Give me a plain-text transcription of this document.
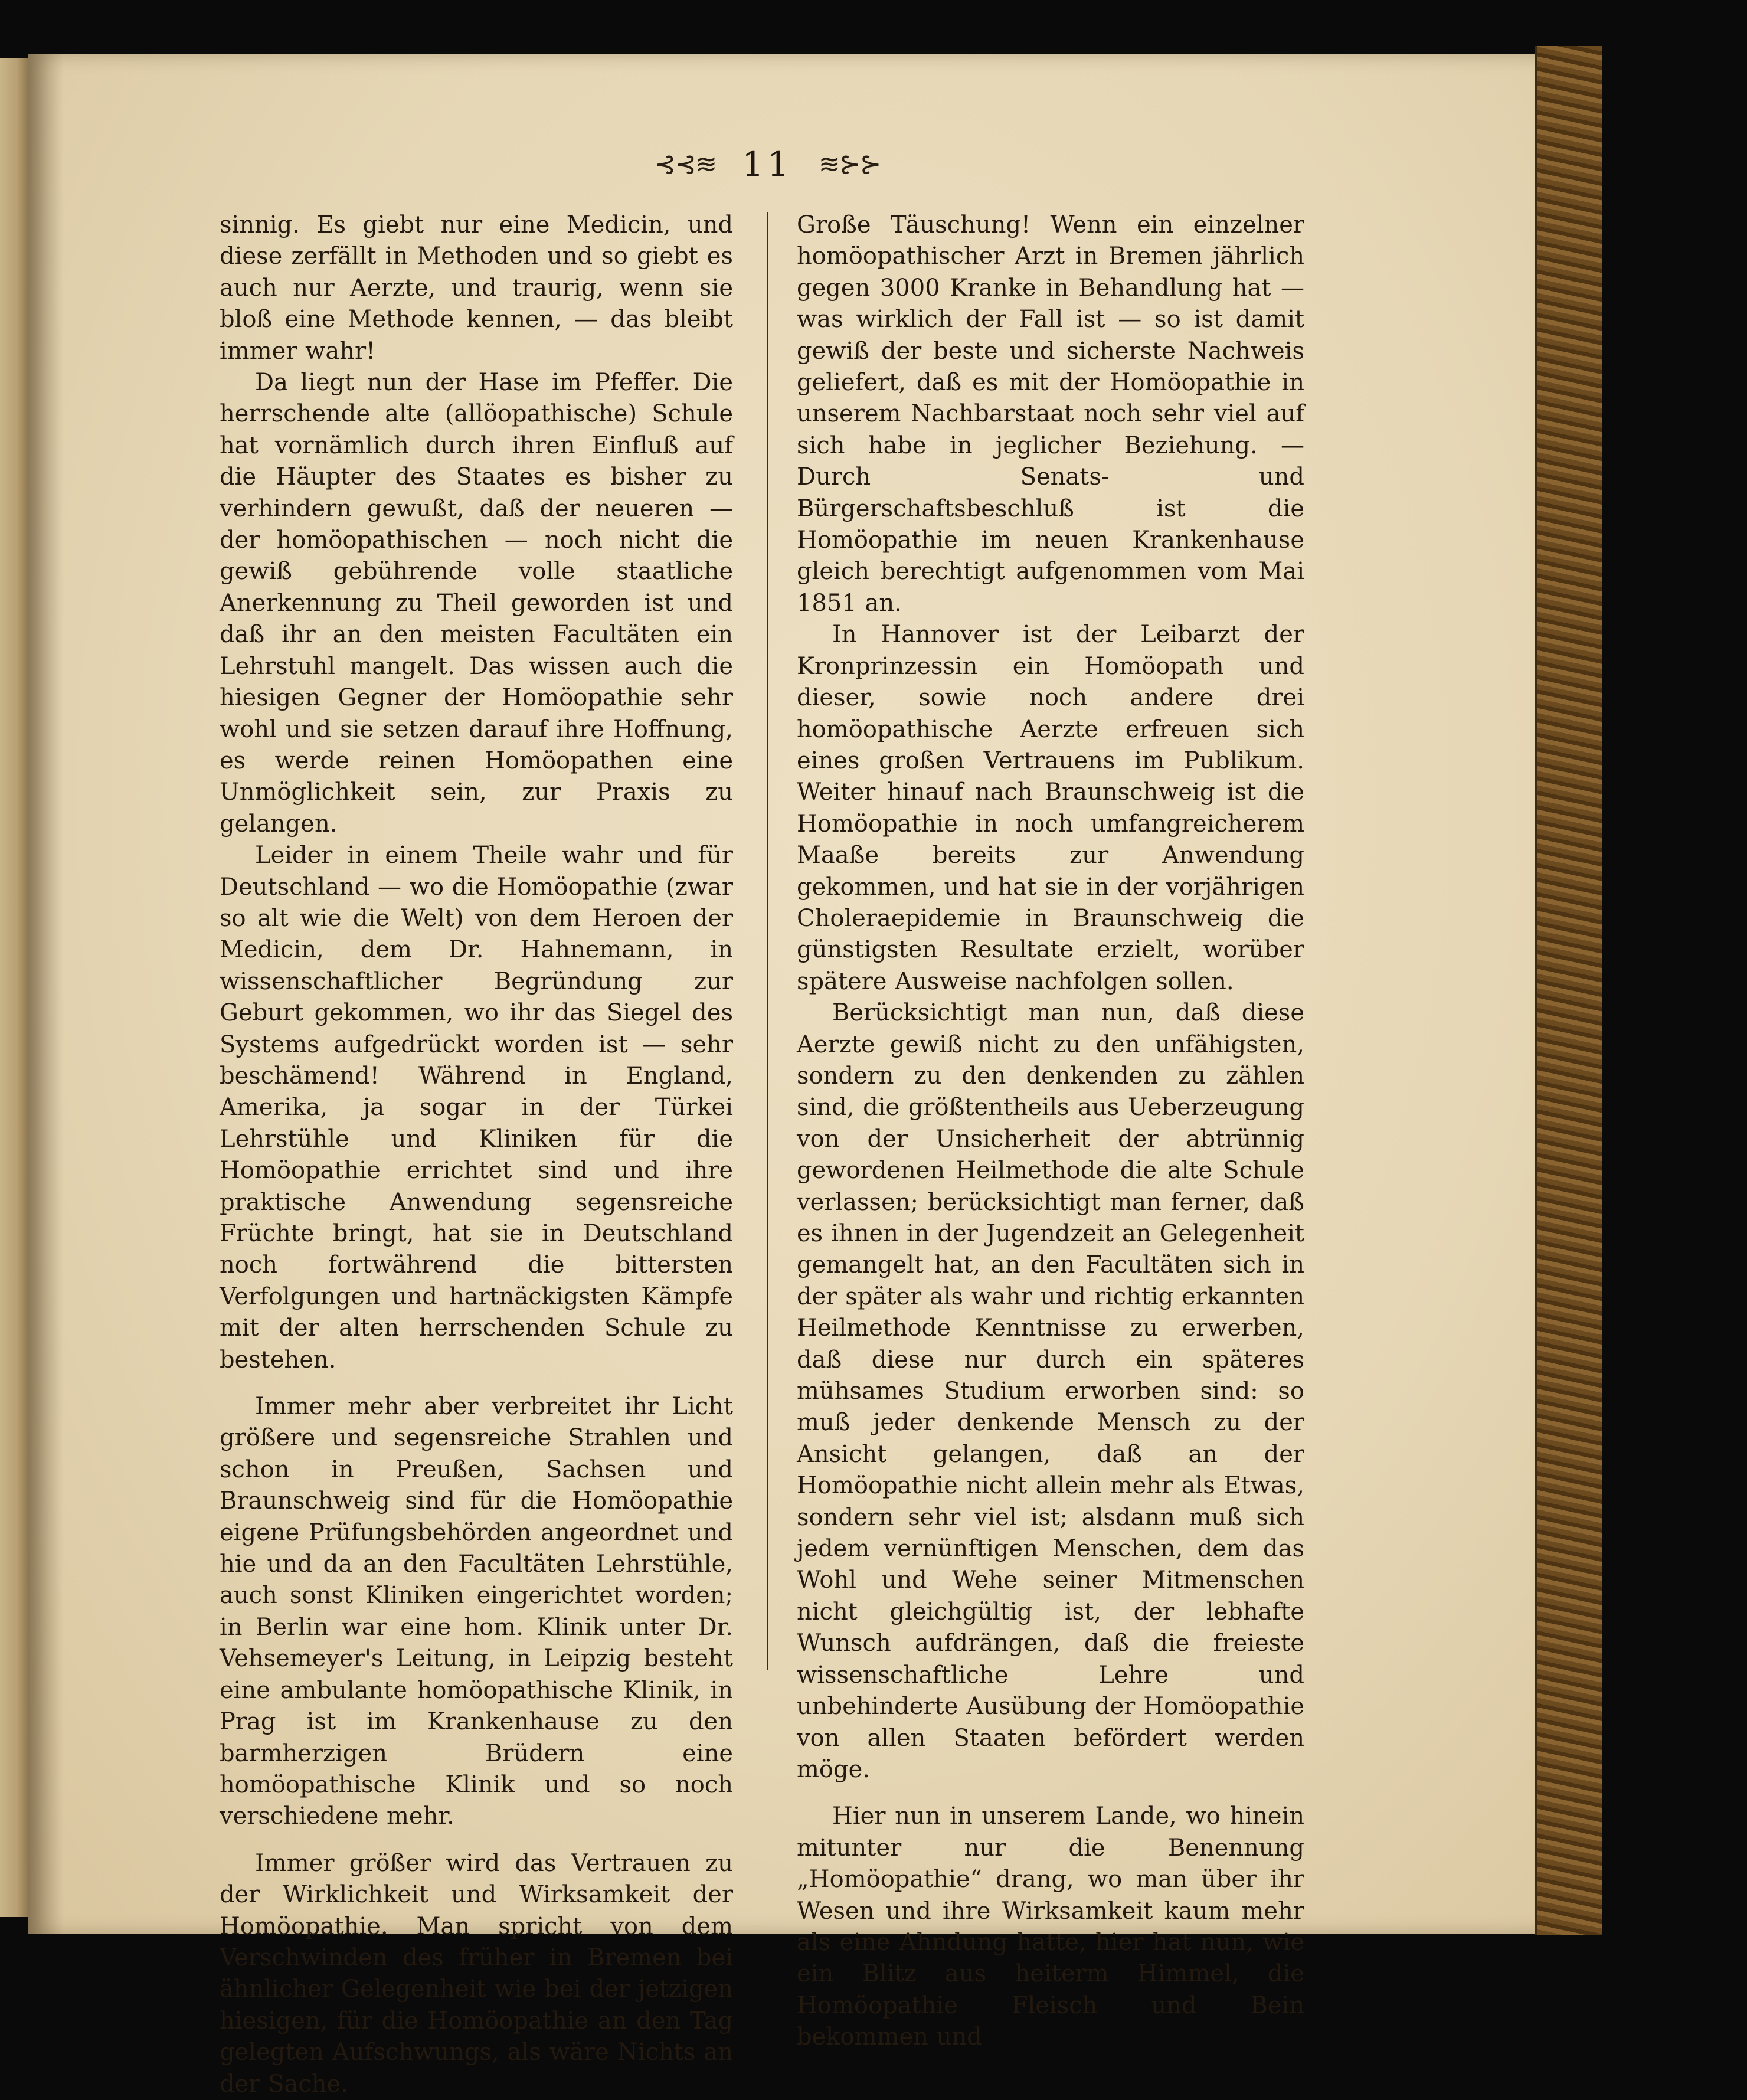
⊰⊰≋ 11 ≋⊱⊱

sinnig. Es giebt nur eine Medicin, und diese zerfällt in Methoden und so giebt es auch nur Aerzte, und traurig, wenn sie bloß eine Methode kennen, — das bleibt immer wahr!

Da liegt nun der Hase im Pfeffer. Die herrschende alte (allöopathische) Schule hat vornämlich durch ihren Einfluß auf die Häupter des Staates es bisher zu verhindern gewußt, daß der neueren — der homöopathischen — noch nicht die gewiß gebührende volle staatliche Anerkennung zu Theil geworden ist und daß ihr an den meisten Facultäten ein Lehrstuhl mangelt. Das wissen auch die hiesigen Gegner der Homöopathie sehr wohl und sie setzen darauf ihre Hoffnung, es werde reinen Homöopathen eine Unmöglichkeit sein, zur Praxis zu gelangen.

Leider in einem Theile wahr und für Deutschland — wo die Homöopathie (zwar so alt wie die Welt) von dem Heroen der Medicin, dem Dr. Hahnemann, in wissenschaftlicher Begründung zur Geburt gekommen, wo ihr das Siegel des Systems aufgedrückt worden ist — sehr beschämend! Während in England, Amerika, ja sogar in der Türkei Lehrstühle und Kliniken für die Homöopathie errichtet sind und ihre praktische Anwendung segensreiche Früchte bringt, hat sie in Deutschland noch fortwährend die bittersten Verfolgungen und hartnäckigsten Kämpfe mit der alten herrschenden Schule zu bestehen.

Immer mehr aber verbreitet ihr Licht größere und segensreiche Strahlen und schon in Preußen, Sachsen und Braunschweig sind für die Homöopathie eigene Prüfungsbehörden angeordnet und hie und da an den Facultäten Lehrstühle, auch sonst Kliniken eingerichtet worden; in Berlin war eine hom. Klinik unter Dr. Vehsemeyer's Leitung, in Leipzig besteht eine ambulante homöopathische Klinik, in Prag ist im Krankenhause zu den barmherzigen Brüdern eine homöopathische Klinik und so noch verschiedene mehr.

Immer größer wird das Vertrauen zu der Wirklichkeit und Wirksamkeit der Homöopathie. Man spricht von dem Verschwinden des früher in Bremen bei ähnlicher Gelegenheit wie bei der jetzigen hiesigen, für die Homöopathie an den Tag gelegten Aufschwungs, als wäre Nichts an der Sache.

Große Täuschung! Wenn ein einzelner homöopathischer Arzt in Bremen jährlich gegen 3000 Kranke in Behandlung hat — was wirklich der Fall ist — so ist damit gewiß der beste und sicherste Nachweis geliefert, daß es mit der Homöopathie in unserem Nachbarstaat noch sehr viel auf sich habe in jeglicher Beziehung. — Durch Senats- und Bürgerschaftsbeschluß ist die Homöopathie im neuen Krankenhause gleich berechtigt aufgenommen vom Mai 1851 an.

In Hannover ist der Leibarzt der Kronprinzessin ein Homöopath und dieser, sowie noch andere drei homöopathische Aerzte erfreuen sich eines großen Vertrauens im Publikum. Weiter hinauf nach Braunschweig ist die Homöopathie in noch umfangreicherem Maaße bereits zur Anwendung gekommen, und hat sie in der vorjährigen Choleraepidemie in Braunschweig die günstigsten Resultate erzielt, worüber spätere Ausweise nachfolgen sollen.

Berücksichtigt man nun, daß diese Aerzte gewiß nicht zu den unfähigsten, sondern zu den denkenden zu zählen sind, die größtentheils aus Ueberzeugung von der Unsicherheit der abtrünnig gewordenen Heilmethode die alte Schule verlassen; berücksichtigt man ferner, daß es ihnen in der Jugendzeit an Gelegenheit gemangelt hat, an den Facultäten sich in der später als wahr und richtig erkannten Heilmethode Kenntnisse zu erwerben, daß diese nur durch ein späteres mühsames Studium erworben sind: so muß jeder denkende Mensch zu der Ansicht gelangen, daß an der Homöopathie nicht allein mehr als Etwas, sondern sehr viel ist; alsdann muß sich jedem vernünftigen Menschen, dem das Wohl und Wehe seiner Mitmenschen nicht gleichgültig ist, der lebhafte Wunsch aufdrängen, daß die freieste wissenschaftliche Lehre und unbehinderte Ausübung der Homöopathie von allen Staaten befördert werden möge.

Hier nun in unserem Lande, wo hinein mitunter nur die Benennung „Homöopathie“ drang, wo man über ihr Wesen und ihre Wirksamkeit kaum mehr als eine Ahndung hatte, hier hat nun, wie ein Blitz aus heiterm Himmel, die Homöopathie Fleisch und Bein bekommen und
